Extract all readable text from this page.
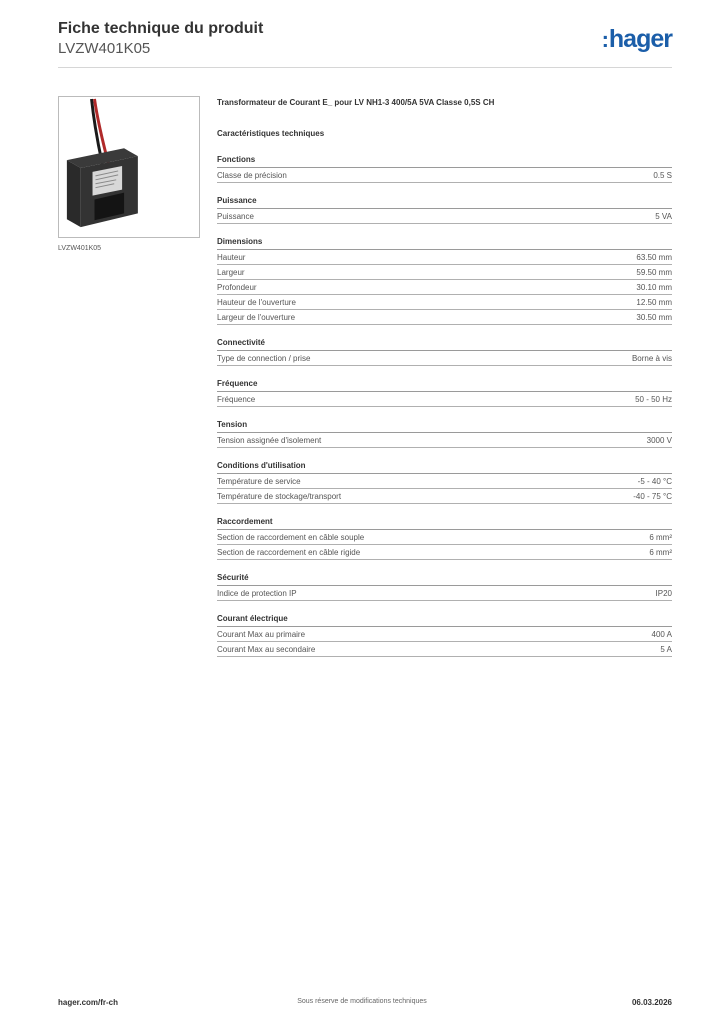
Fiche technique du produit
LVZW401K05	:hager
LVZW401K05
Transformateur de Courant E_ pour LV NH1-3 400/5A 5VA Classe 0,5S CH
Caractéristiques techniques
Fonctions
Classe de précision	0.5 S
Puissance
Puissance	5 VA
Dimensions
Hauteur	63.50 mm
Largeur	59.50 mm
Profondeur	30.10 mm
Hauteur de l'ouverture	12.50 mm
Largeur de l'ouverture	30.50 mm
Connectivité
Type de connection / prise	Borne à vis
Fréquence
Fréquence	50 - 50 Hz
Tension
Tension assignée d'isolement	3000 V
Conditions d'utilisation
Température de service	-5 - 40 °C
Température de stockage/transport	-40 - 75 °C
Raccordement
Section de raccordement en câble souple	6 mm²
Section de raccordement en câble rigide	6 mm²
Sécurité
Indice de protection IP	IP20
Courant électrique
Courant Max au primaire	400 A
Courant Max au secondaire	5 A
hager.com/fr-ch	Sous réserve de modifications techniques	06.03.2026
